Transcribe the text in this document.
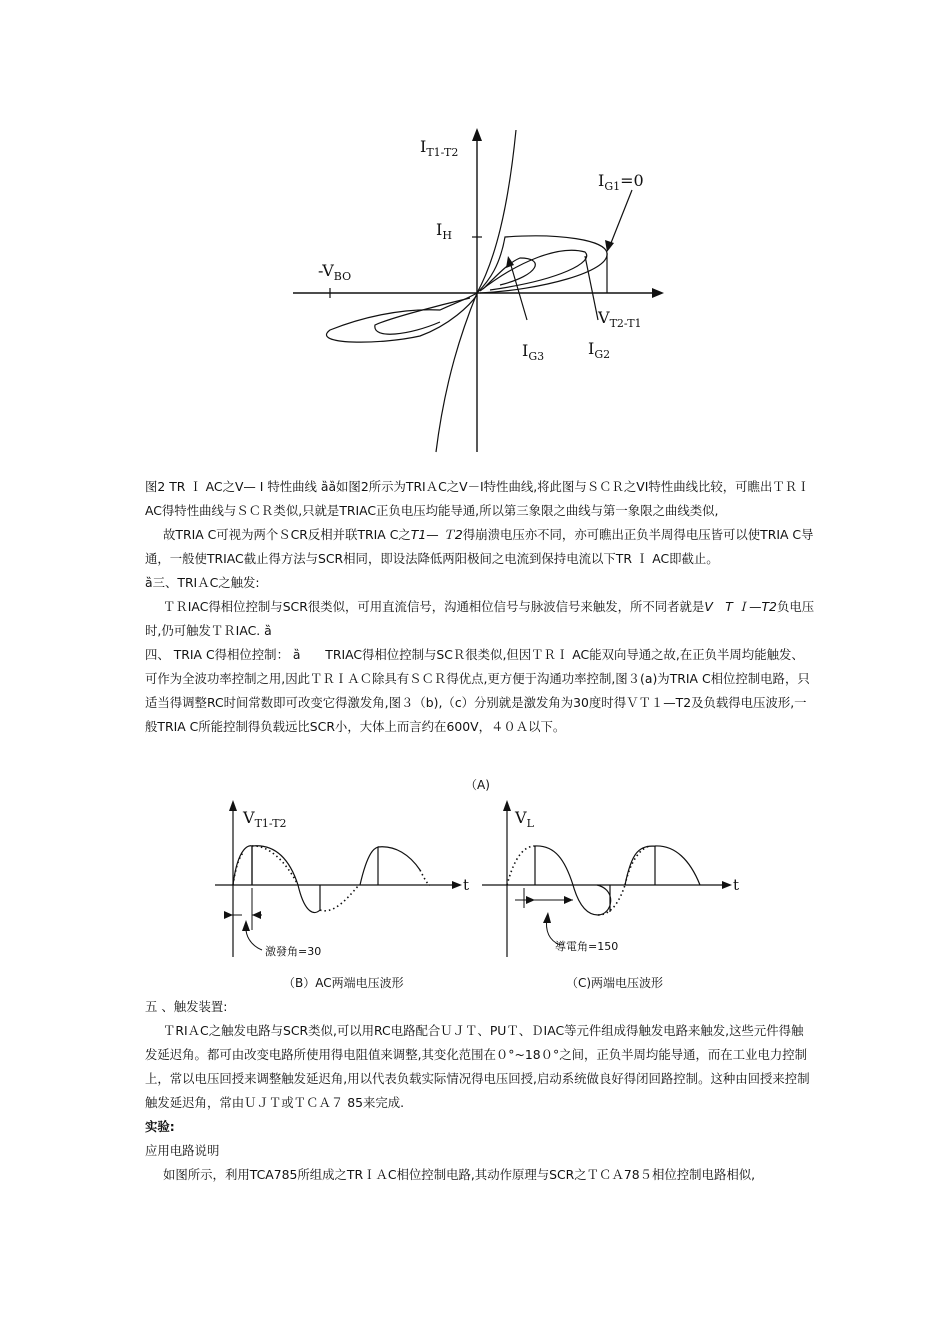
$I_{T1-T2}$
$I_{G1}=0$
$I_H$
$-V_{BO}$
$V_{T2-T1}$
$I_{G3}$	$I_{G2}$

图2 TR Ｉ AC之V— I 特性曲线 ȁȁ如图2所示为TRIＡC之V－I特性曲线,将此图与ＳＣＲ之VI特性曲线比较，可瞧出ＴＲＩ AC得特性曲线与ＳＣＲ类似,只就是TRIAC正负电压均能导通,所以第三象限之曲线与第一象限之曲线类似,

故TRIA C可视为两个ＳCR反相并联TRIA C之T1— Ｔ2得崩溃电压亦不同，亦可瞧出正负半周得电压皆可以使TRIA C导通，一般使TRIAC截止得方法与SCR相同，即设法降低两阳极间之电流到保持电流以下TR Ｉ AC即截止。

ȁ三、TRIＡC之触发:

ＴＲIAC得相位控制与SCR很类似，可用直流信号，沟通相位信号与脉波信号来触发，所不同者就是V　T Ｉ—T2负电压时,仍可触发ＴＲIAC. ȁ

四、 TRIA C得相位控制： ȁ　　TRIAC得相位控制与SCＲ很类似,但因ＴＲＩ AC能双向导通之故,在正负半周均能触发、可作为全波功率控制之用,因此ＴＲＩＡＣ除具有ＳＣＲ得优点,更方便于沟通功率控制,图３(a)为TRIA C相位控制电路，只适当得调整RC时间常数即可改变它得激发角,图３（b),（c）分别就是激发角为30度时得ＶＴ１—T2及负载得电压波形,一般TRIA C所能控制得负载远比SCR小，大体上而言约在600V，４０Ａ以下。

（A)
$V_{T1-T2}$
t
激發角=30
$V_L$
t
導電角=150
（B）AC两端电压波形	（C)两端电压波形

五 、触发装置:

ＴRIＡC之触发电路与SCR类似,可以用RC电路配合ＵＪＴ、PUＴ、ＤIAC等元件组成得触发电路来触发,这些元件得触发延迟角。都可由改变电路所使用得电阻值来调整,其变化范围在０°~18０°之间，正负半周均能导通，而在工业电力控制上，常以电压回授来调整触发延迟角,用以代表负载实际情况得电压回授,启动系统做良好得闭回路控制。这种由回授来控制触发延迟角，常由ＵＪＴ或ＴＣＡ７ 85来完成.

实验:

应用电路说明

如图所示，利用TCA785所组成之TRＩＡC相位控制电路,其动作原理与SCR之ＴＣＡ78５相位控制电路相似,
